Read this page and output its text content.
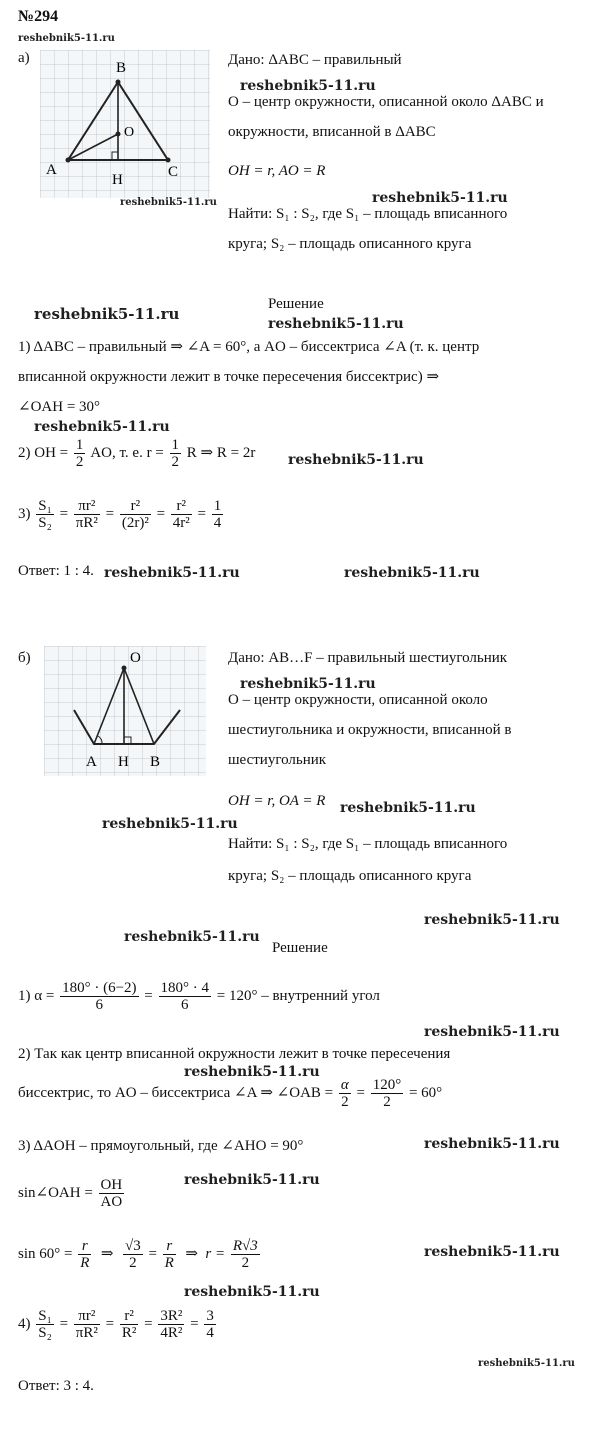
№294
reshebnik5-11.ru
а)
B
O
A
H	C
reshebnik5-11.ru
Дано: ΔABC – правильный
reshebnik5-11.ru
O – центр окружности, описанной около ΔABC и
окружности, вписанной в ΔABC
OH = r, AO = R
reshebnik5-11.ru
Найти: S₁ : S₂, где S₁ – площадь вписанного
круга; S₂ – площадь описанного круга
reshebnik5-11.ru
Решение
reshebnik5-11.ru
1) ΔABC – правильный ⇒ ∠A = 60°, а AO – биссектриса ∠A (т. к. центр
вписанной окружности лежит в точке пересечения биссектрис) ⇒
∠OAH = 30°
reshebnik5-11.ru
2) OH = $\frac{1}{2}$ AO, т. е. $r = \frac{1}{2}$ R ⇒ R = 2r reshebnik5-11.ru
$3) \frac{\text{S₁}}{\text{S₂}} = \frac{\text{πr²}}{\text{πR²}} = \frac{\text{r²}}{\text{(2r)²}} = \frac{\text{r²}}{\text{4r²}} = \frac{1}{4}$
Ответ: 1 : 4. reshebnik5-11.ru	reshebnik5-11.ru
б)	O
A H B
Дано: AB…F – правильный шестиугольник
reshebnik5-11.ru
O – центр окружности, описанной около
шестиугольника и окружности, вписанной в
шестиугольник
OH = r, OA = R reshebnik5-11.ru
reshebnik5-11.ru
Найти: S₁ : S₂, где S₁ – площадь вписанного
круга; S₂ – площадь описанного круга
reshebnik5-11.ru
reshebnik5-11.ru
Решение
1) $\alpha = \frac{180^\circ \cdot (6-2)}{6} = \frac{180^\circ \cdot 4}{6} = 120^\circ$ – внутренний угол
reshebnik5-11.ru
2) Так как центр вписанной окружности лежит в точке пересечения
reshebnik5-11.ru
биссектрис, то AO – биссектриса ∠A ⇒ ∠OAB = $\frac{\alpha}{2} = \frac{120^\circ}{2} = 60^\circ$
3) ΔAOH – прямоугольный, где ∠AHO = 90°	reshebnik5-11.ru
reshebnik5-11.ru
sin∠OAH = $\frac{OH}{AO}$
$\sin 60^\circ = \frac{r}{R}$ ⇒ $\frac{√3}{2} = \frac{r}{R}$ ⇒  $r = \frac{R√3}{2}$	reshebnik5-11.ru
reshebnik5-11.ru
$4) \frac{\text{S₁}}{\text{S₂}} = \frac{\text{πr²}}{\text{πR²}} = \frac{\text{r²}}{\text{R²}} = \frac{\text{3R²}}{\text{4R²}} = \frac{3}{4}$
reshebnik5-11.ru
Ответ: 3 : 4.
